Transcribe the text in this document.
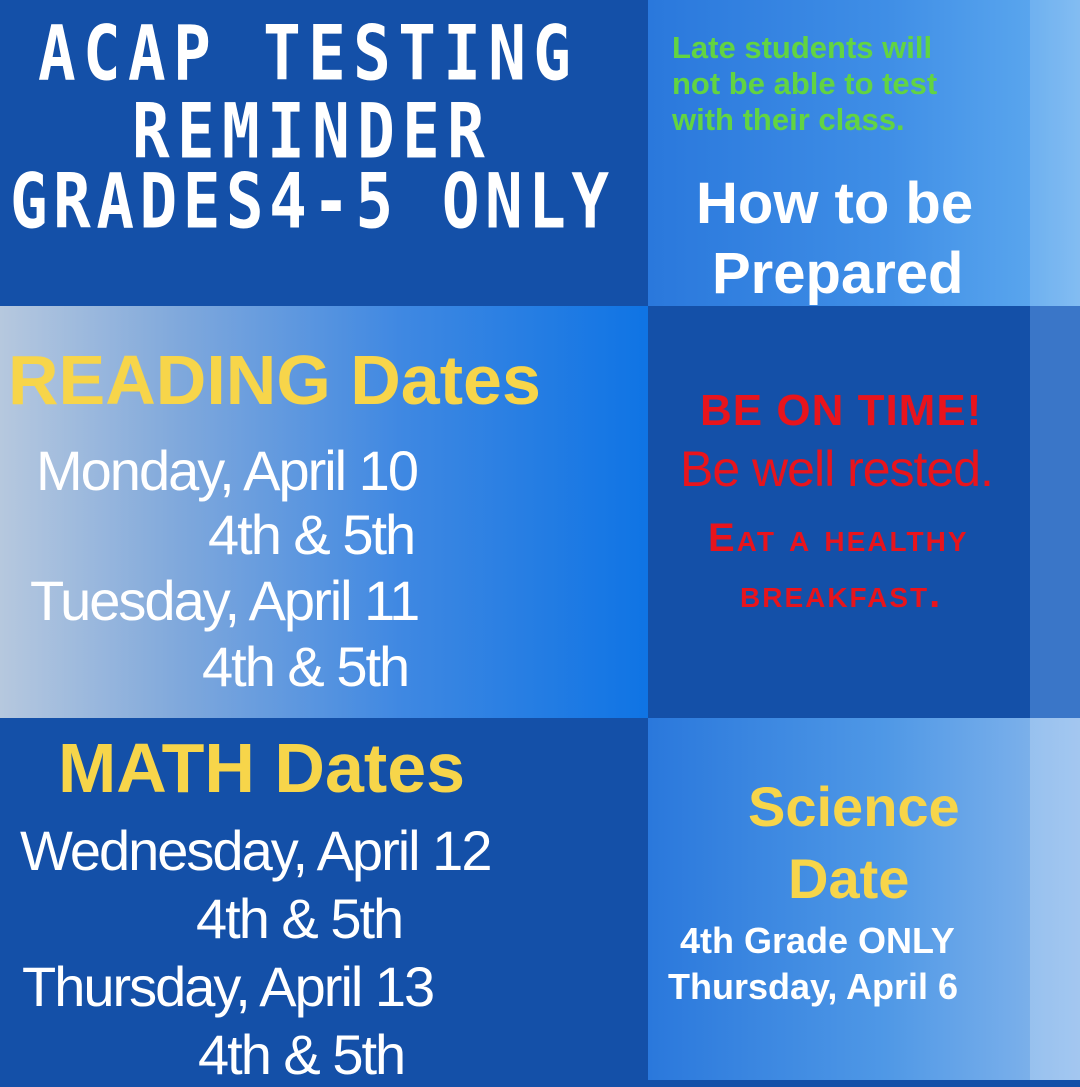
ACAP TESTING
REMINDER
GRADES4-5 ONLY
Late students will
not be able to test
with their class.
How to be
Prepared
BE ON TIME!
Be well rested.
Eat a healthy
breakfast.
READING Dates
Monday, April 10
4th & 5th
Tuesday, April 11
4th & 5th
MATH Dates
Wednesday, April 12
4th & 5th
Thursday, April 13
4th & 5th
Science
Date
4th Grade ONLY
Thursday, April 6
